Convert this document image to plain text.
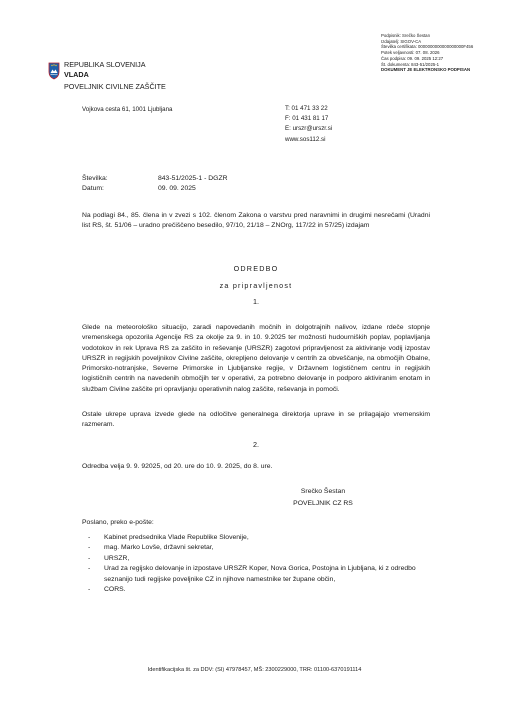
Podpisnik: Srečko Šestan
Izdajatelj: SIGOV-CA
Številka certifikata: 0000000000000000000F456
Potek veljavnosti: 07. 08. 2026
Čas podpisa: 09. 09. 2025 12:27
Št. dokumenta: 843-51/2025-1
DOKUMENT JE ELEKTRONSKO PODPISAN
REPUBLIKA SLOVENIJA
VLADA
POVELJNIK CIVILNE ZAŠČITE
Vojkova cesta 61, 1001 Ljubljana	T: 01 471 33 22
F: 01 431 81 17
E: urszr@urszr.si
www.sos112.si
Številka:	843-51/2025-1 - DGZR
Datum:	09. 09. 2025
Na podlagi 84., 85. člena in v zvezi s 102. členom Zakona o varstvu pred naravnimi in drugimi nesrečami (Uradni list RS, št. 51/06 – uradno prečiščeno besedilo, 97/10, 21/18 – ZNOrg, 117/22 in 57/25) izdajam
ODREDBO
za pripravljenost
1.
Glede na meteorološko situacijo, zaradi napovedanih močnih in dolgotrajnih nalivov, izdane rdeče stopnje vremenskega opozorila Agencije RS za okolje za 9. in 10. 9.2025 ter možnosti hudourniških poplav, poplavljanja vodotokov in rek Uprava RS za zaščito in reševanje (URSZR) zagotovi pripravljenost za aktiviranje vodij izpostav URSZR in regijskih poveljnikov Civilne zaščite, okrepljeno delovanje v centrih za obveščanje, na območjih Obalne, Primorsko-notranjske, Severne Primorske in Ljubljanske regije, v Državnem logističnem centru in regijskih logističnih centrih na navedenih območjih ter v operativi, za potrebno delovanje in podporo aktiviranim enotam in službam Civilne zaščite pri opravljanju operativnih nalog zaščite, reševanja in pomoči.
Ostale ukrepe uprava izvede glede na odločitve generalnega direktorja uprave in se prilagajajo vremenskim razmeram.
2.
Odredba velja 9. 9. 92025, od 20. ure do 10. 9. 2025, do 8. ure.
Srečko Šestan
POVELJNIK CZ RS
Poslano, preko e-pošte:
- Kabinet predsednika Vlade Republike Slovenije,
- mag. Marko Lovše, državni sekretar,
- URSZR,
- Urad za regijsko delovanje in izpostave URSZR Koper, Nova Gorica, Postojna in Ljubljana, ki z odredbo seznanijo tudi regijske poveljnike CZ in njihove namestnike ter župane občin,
- CORS.
Identifikacijska št. za DDV: (SI) 47978457, MŠ: 2300229000, TRR: 01100-6370191114
